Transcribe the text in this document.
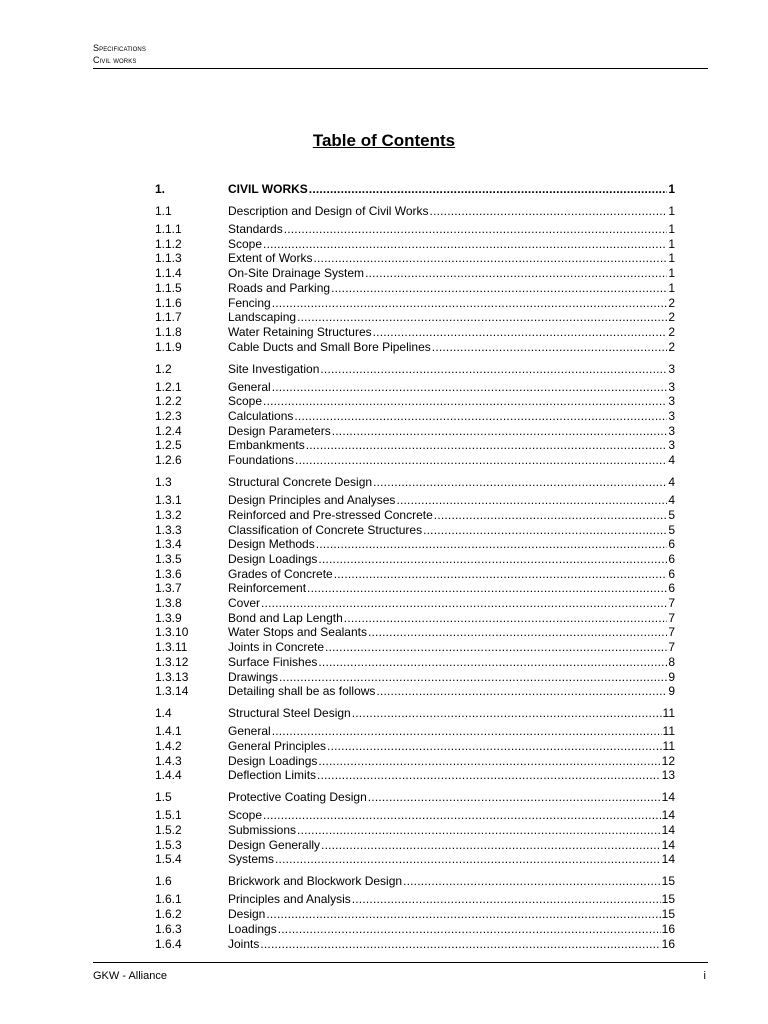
Specifications
Civil works
Table of Contents
1.	CIVIL WORKS .....	1
1.1	Description and Design of Civil Works .....	1
1.1.1	Standards .....	1
1.1.2	Scope .....	1
1.1.3	Extent of Works .....	1
1.1.4	On-Site Drainage System .....	1
1.1.5	Roads and Parking .....	1
1.1.6	Fencing .....	2
1.1.7	Landscaping .....	2
1.1.8	Water Retaining Structures .....	2
1.1.9	Cable Ducts and Small Bore Pipelines .....	2
1.2	Site Investigation .....	3
1.2.1	General .....	3
1.2.2	Scope .....	3
1.2.3	Calculations .....	3
1.2.4	Design Parameters .....	3
1.2.5	Embankments .....	3
1.2.6	Foundations .....	4
1.3	Structural Concrete Design .....	4
1.3.1	Design Principles and Analyses .....	4
1.3.2	Reinforced and Pre-stressed Concrete .....	5
1.3.3	Classification of Concrete Structures .....	5
1.3.4	Design Methods .....	6
1.3.5	Design Loadings .....	6
1.3.6	Grades of Concrete .....	6
1.3.7	Reinforcement .....	6
1.3.8	Cover .....	7
1.3.9	Bond and Lap Length .....	7
1.3.10	Water Stops and Sealants .....	7
1.3.11	Joints in Concrete .....	7
1.3.12	Surface Finishes .....	8
1.3.13	Drawings .....	9
1.3.14	Detailing shall be as follows .....	9
1.4	Structural Steel Design .....	11
1.4.1	General .....	11
1.4.2	General Principles .....	11
1.4.3	Design Loadings .....	12
1.4.4	Deflection Limits .....	13
1.5	Protective Coating Design .....	14
1.5.1	Scope .....	14
1.5.2	Submissions .....	14
1.5.3	Design Generally .....	14
1.5.4	Systems .....	14
1.6	Brickwork and Blockwork Design .....	15
1.6.1	Principles and Analysis .....	15
1.6.2	Design .....	15
1.6.3	Loadings .....	16
1.6.4	Joints .....	16
GKW - Alliance	i
